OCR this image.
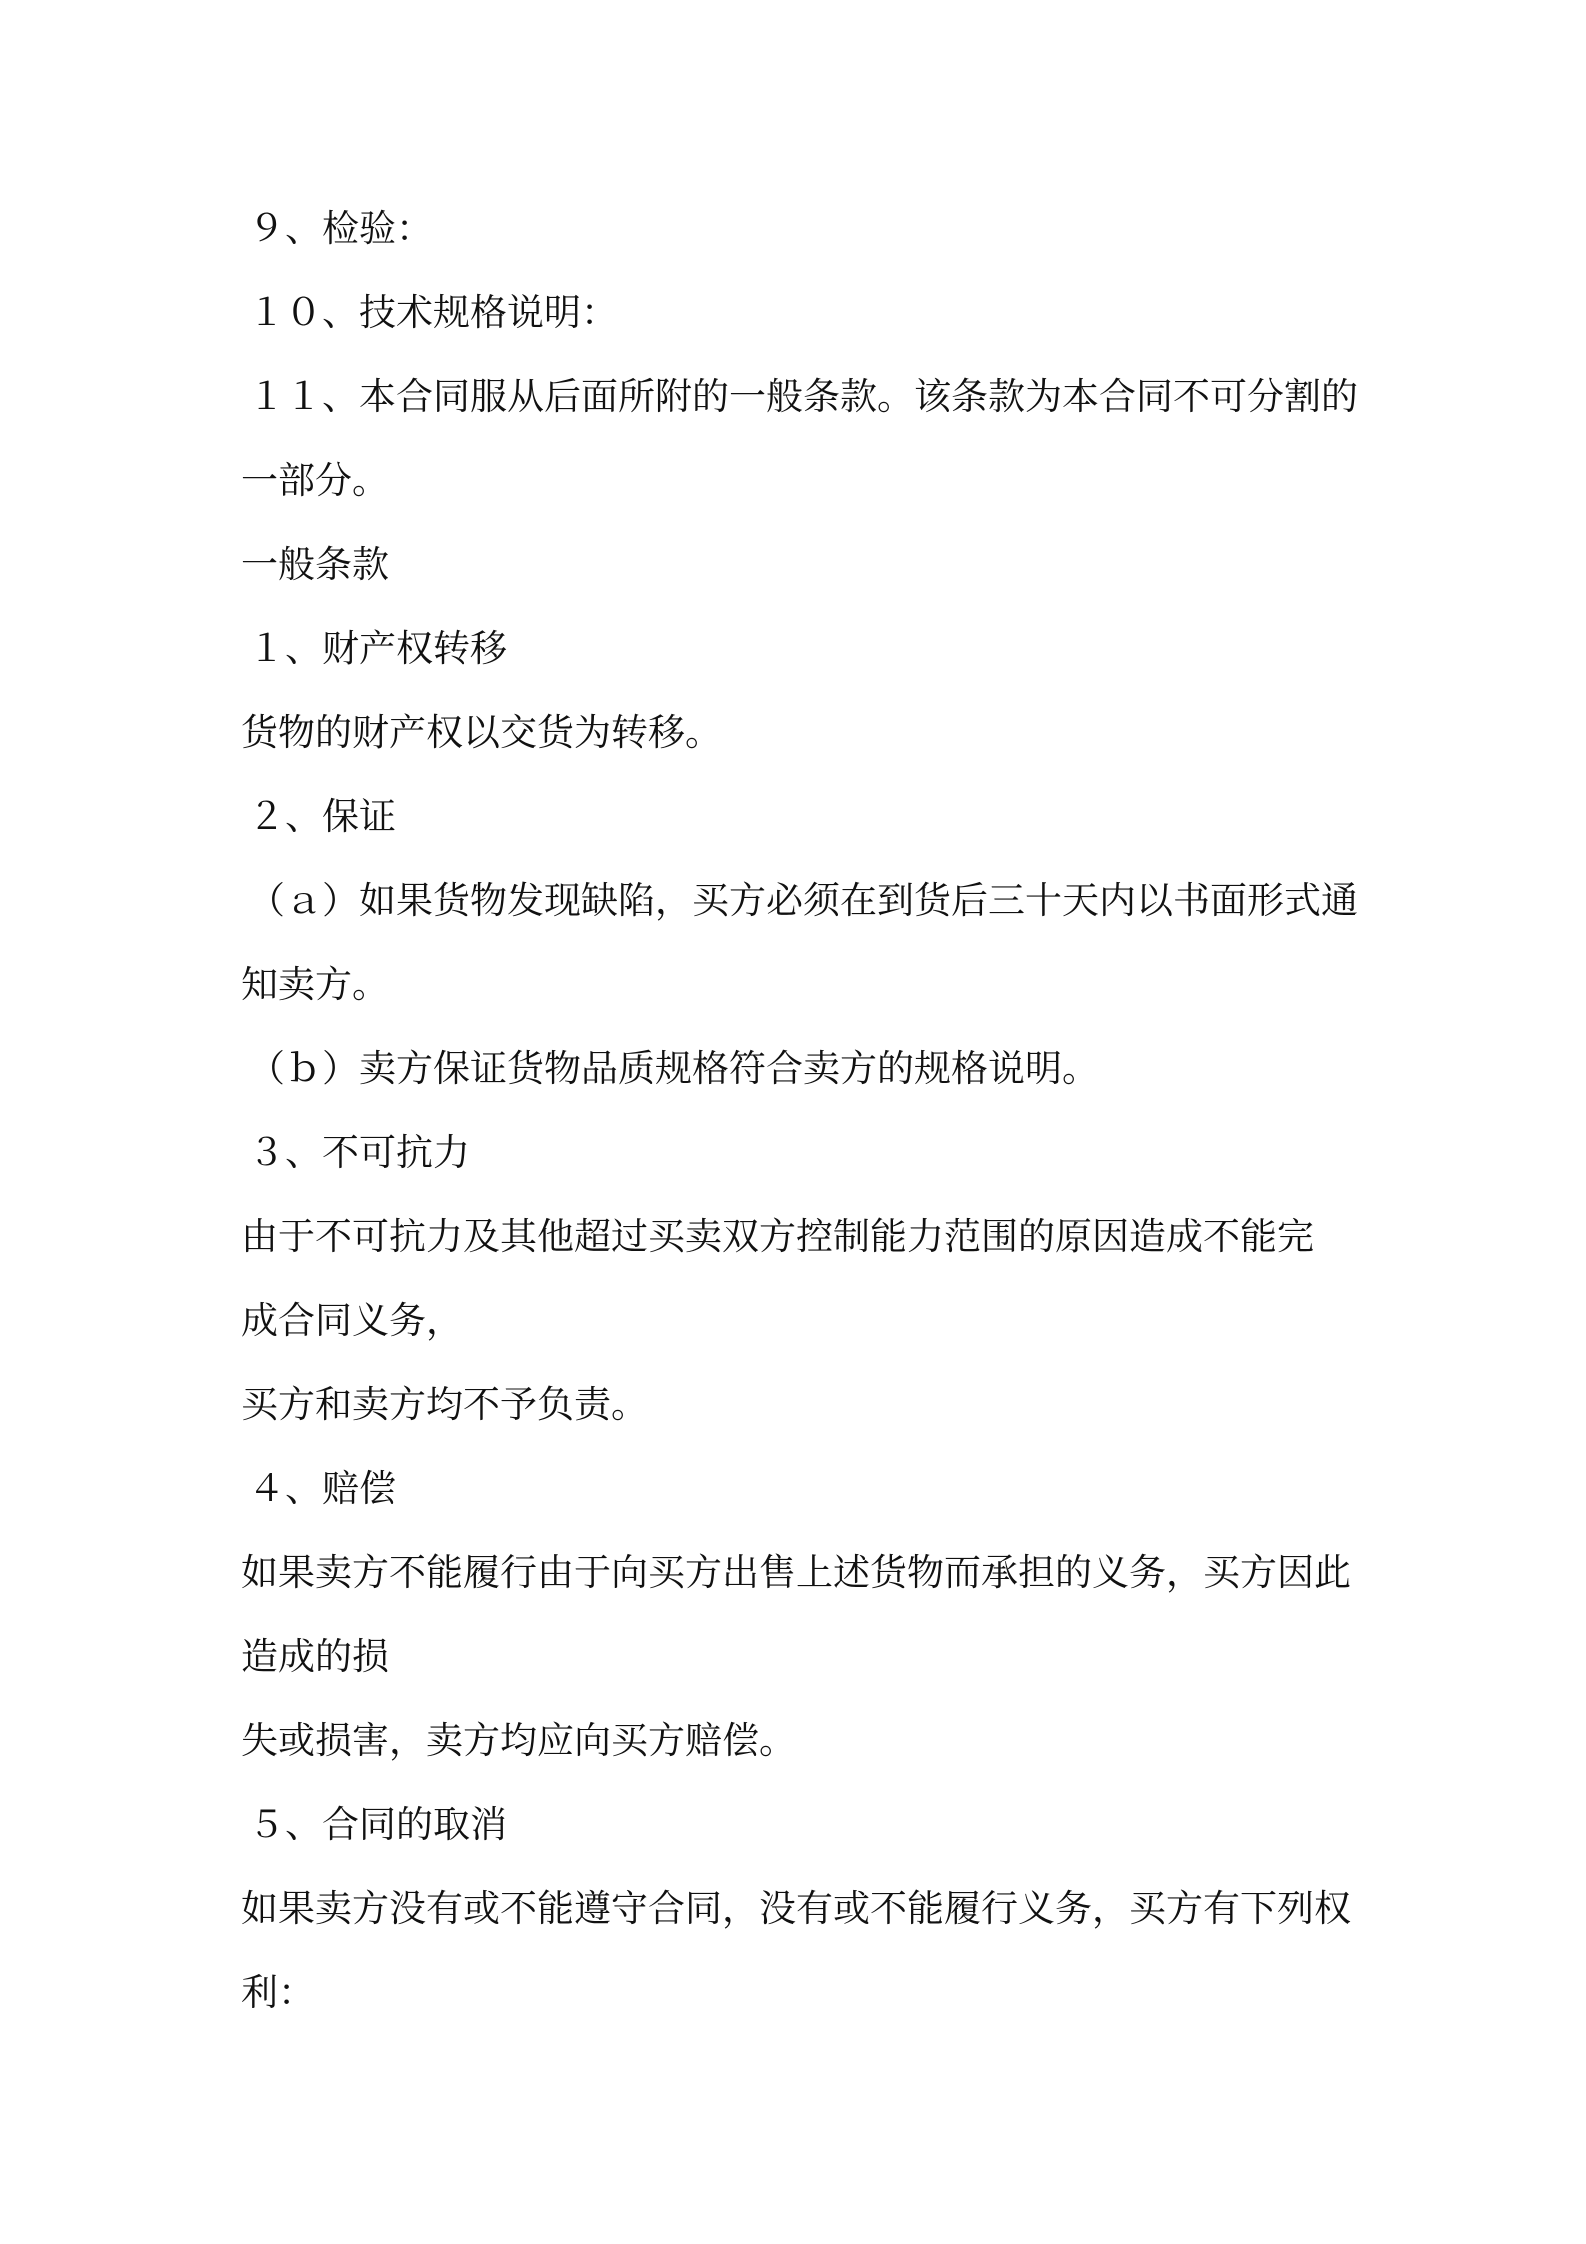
９、检验：

１０、技术规格说明：

１１、本合同服从后面所附的一般条款。该条款为本合同不可分割的

一部分。

一般条款

１、财产权转移

货物的财产权以交货为转移。

２、保证

（ａ）如果货物发现缺陷，买方必须在到货后三十天内以书面形式通

知卖方。

（ｂ）卖方保证货物品质规格符合卖方的规格说明。

３、不可抗力

由于不可抗力及其他超过买卖双方控制能力范围的原因造成不能完

成合同义务，

买方和卖方均不予负责。

４、赔偿

如果卖方不能履行由于向买方出售上述货物而承担的义务，买方因此

造成的损

失或损害，卖方均应向买方赔偿。

５、合同的取消

如果卖方没有或不能遵守合同，没有或不能履行义务，买方有下列权

利：
